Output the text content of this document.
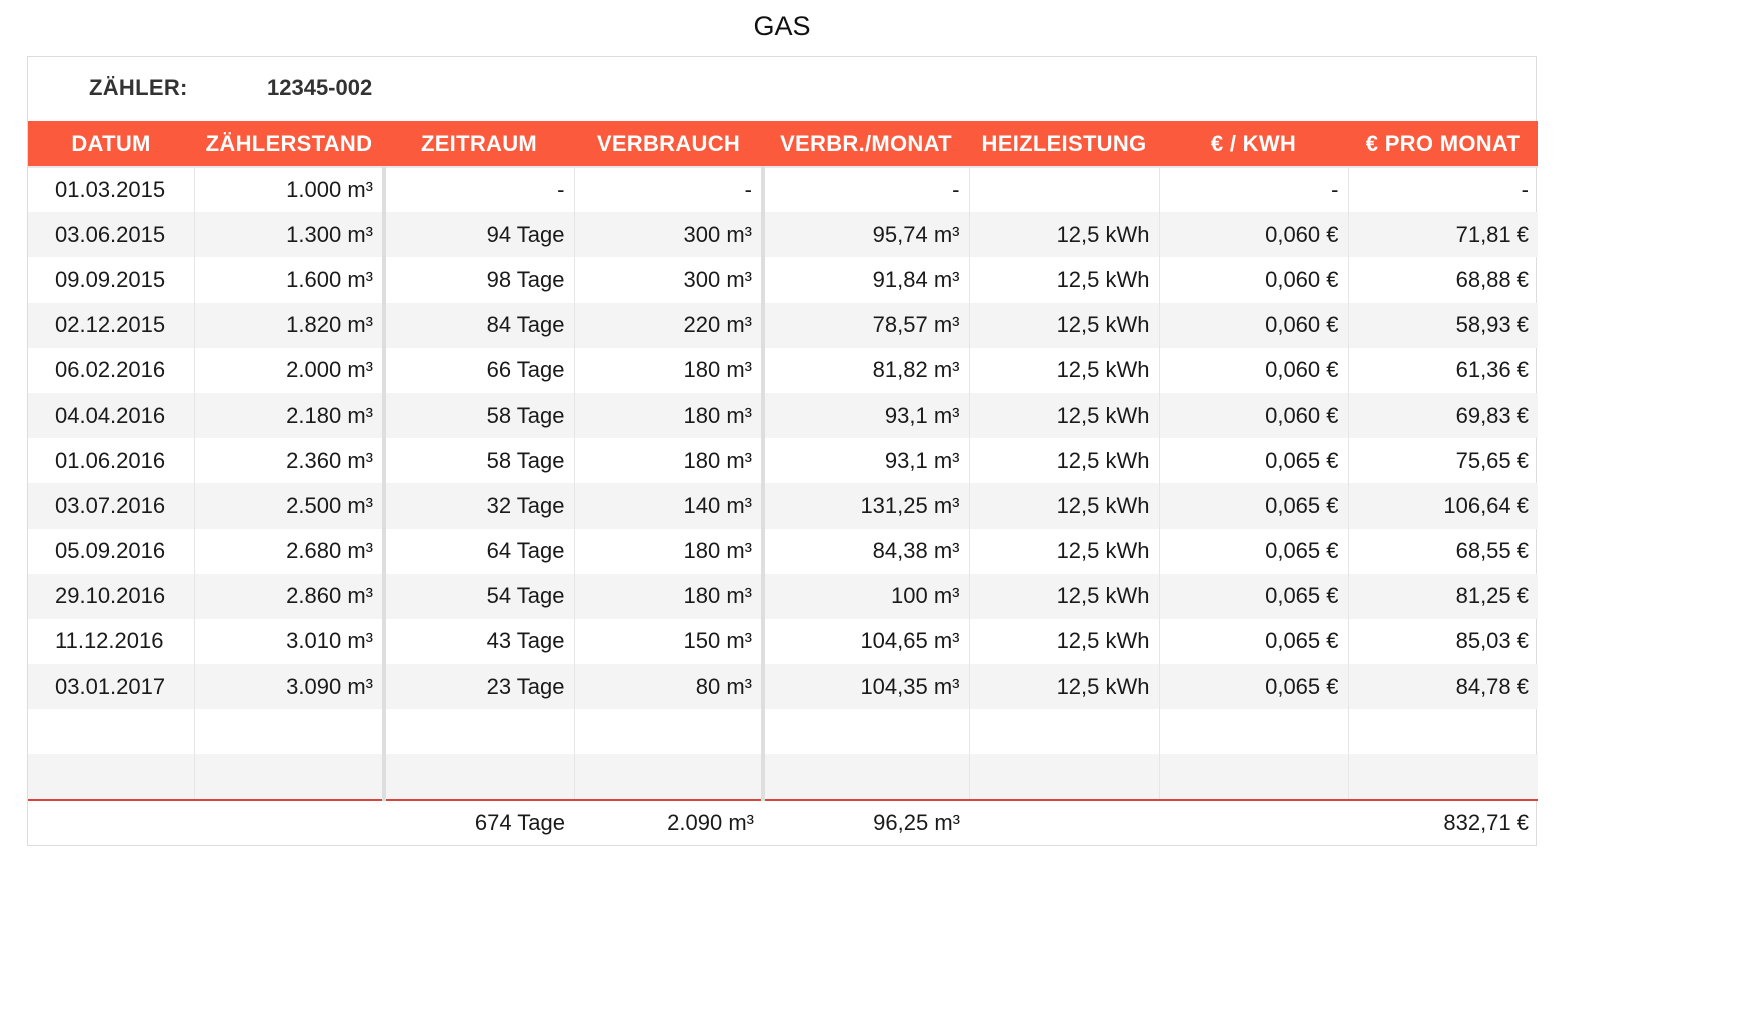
GAS
ZÄHLER:	12345-002
DATUM	ZÄHLERSTAND	ZEITRAUM	VERBRAUCH	VERBR./MONAT	HEIZLEISTUNG	€ / KWH	€ PRO MONAT
01.03.2015	1.000 m³	-	-	-		-	-
03.06.2015	1.300 m³	94 Tage	300 m³	95,74 m³	12,5 kWh	0,060 €	71,81 €
09.09.2015	1.600 m³	98 Tage	300 m³	91,84 m³	12,5 kWh	0,060 €	68,88 €
02.12.2015	1.820 m³	84 Tage	220 m³	78,57 m³	12,5 kWh	0,060 €	58,93 €
06.02.2016	2.000 m³	66 Tage	180 m³	81,82 m³	12,5 kWh	0,060 €	61,36 €
04.04.2016	2.180 m³	58 Tage	180 m³	93,1 m³	12,5 kWh	0,060 €	69,83 €
01.06.2016	2.360 m³	58 Tage	180 m³	93,1 m³	12,5 kWh	0,065 €	75,65 €
03.07.2016	2.500 m³	32 Tage	140 m³	131,25 m³	12,5 kWh	0,065 €	106,64 €
05.09.2016	2.680 m³	64 Tage	180 m³	84,38 m³	12,5 kWh	0,065 €	68,55 €
29.10.2016	2.860 m³	54 Tage	180 m³	100 m³	12,5 kWh	0,065 €	81,25 €
11.12.2016	3.010 m³	43 Tage	150 m³	104,65 m³	12,5 kWh	0,065 €	85,03 €
03.01.2017	3.090 m³	23 Tage	80 m³	104,35 m³	12,5 kWh	0,065 €	84,78 €

		674 Tage	2.090 m³	96,25 m³			832,71 €
